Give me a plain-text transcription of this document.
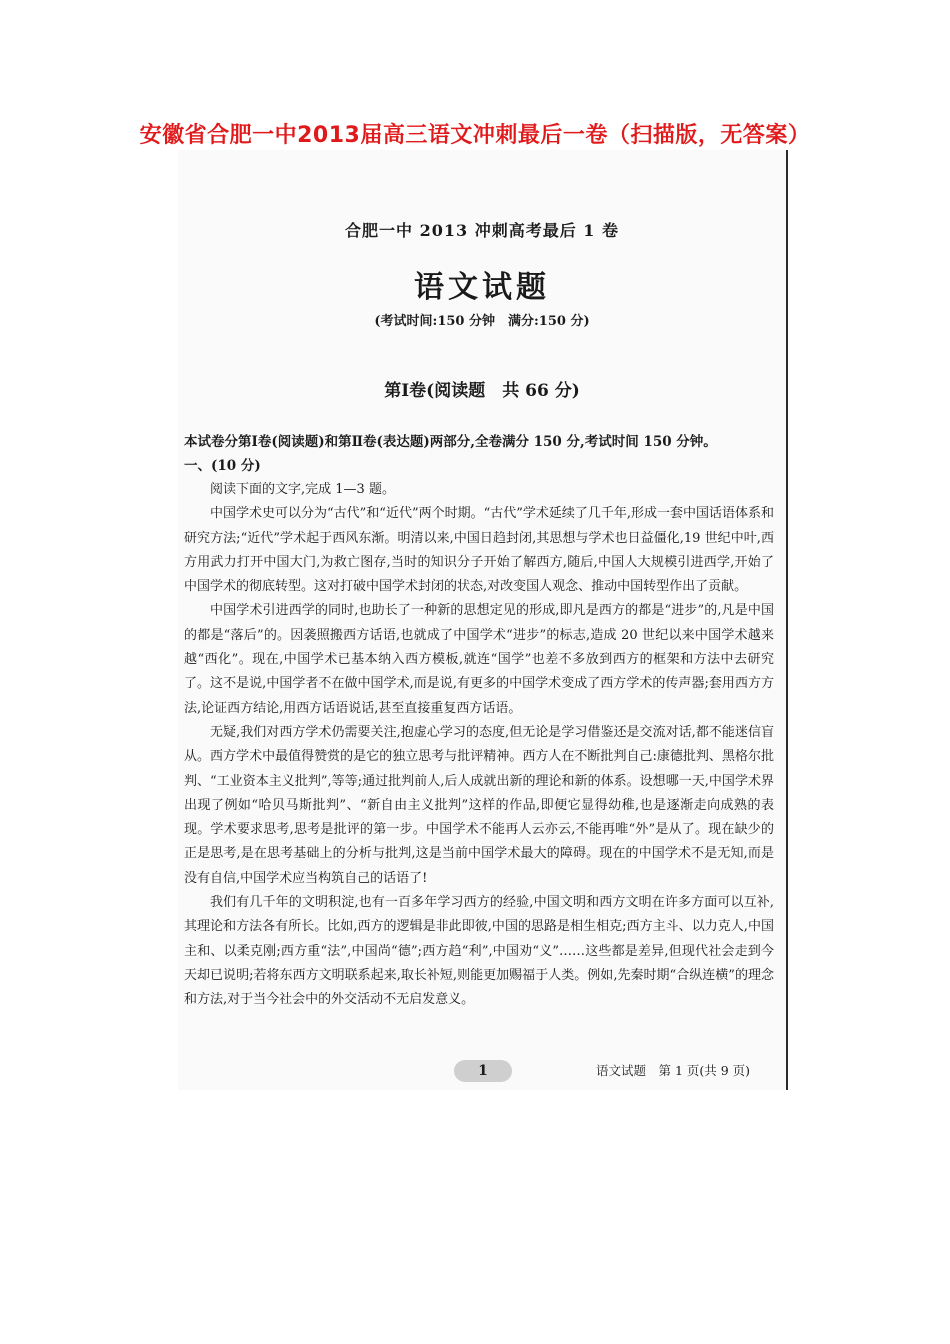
安徽省合肥一中2013届高三语文冲刺最后一卷（扫描版，无答案）
合肥一中 2013 冲刺高考最后 1 卷
语文试题
(考试时间:150 分钟　满分:150 分)
第Ⅰ卷(阅读题　共 66 分)
本试卷分第Ⅰ卷(阅读题)和第Ⅱ卷(表达题)两部分,全卷满分 150 分,考试时间 150 分钟。
一、(10 分)

阅读下面的文字,完成 1—3 题。

中国学术史可以分为“古代”和“近代”两个时期。“古代”学术延续了几千年,形成一套中国话语体系和研究方法;“近代”学术起于西风东渐。明清以来,中国日趋封闭,其思想与学术也日益僵化,19 世纪中叶,西方用武力打开中国大门,为救亡图存,当时的知识分子开始了解西方,随后,中国人大规模引进西学,开始了中国学术的彻底转型。这对打破中国学术封闭的状态,对改变国人观念、推动中国转型作出了贡献。

中国学术引进西学的同时,也助长了一种新的思想定见的形成,即凡是西方的都是“进步”的,凡是中国的都是“落后”的。因袭照搬西方话语,也就成了中国学术“进步”的标志,造成 20 世纪以来中国学术越来越“西化”。现在,中国学术已基本纳入西方模板,就连“国学”也差不多放到西方的框架和方法中去研究了。这不是说,中国学者不在做中国学术,而是说,有更多的中国学术变成了西方学术的传声器;套用西方方法,论证西方结论,用西方话语说话,甚至直接重复西方话语。

无疑,我们对西方学术仍需要关注,抱虚心学习的态度,但无论是学习借鉴还是交流对话,都不能迷信盲从。西方学术中最值得赞赏的是它的独立思考与批评精神。西方人在不断批判自己:康德批判、黑格尔批判、“工业资本主义批判”,等等;通过批判前人,后人成就出新的理论和新的体系。设想哪一天,中国学术界出现了例如“哈贝马斯批判”、“新自由主义批判”这样的作品,即便它显得幼稚,也是逐渐走向成熟的表现。学术要求思考,思考是批评的第一步。中国学术不能再人云亦云,不能再唯“外”是从了。现在缺少的正是思考,是在思考基础上的分析与批判,这是当前中国学术最大的障碍。现在的中国学术不是无知,而是没有自信,中国学术应当构筑自己的话语了!

我们有几千年的文明积淀,也有一百多年学习西方的经验,中国文明和西方文明在许多方面可以互补,其理论和方法各有所长。比如,西方的逻辑是非此即彼,中国的思路是相生相克;西方主斗、以力克人,中国主和、以柔克刚;西方重“法”,中国尚“德”;西方趋“利”,中国劝“义”……这些都是差异,但现代社会走到今天却已说明;若将东西方文明联系起来,取长补短,则能更加赐福于人类。例如,先秦时期“合纵连横”的理念和方法,对于当今社会中的外交活动不无启发意义。

1	语文试题　第 1 页(共 9 页)
